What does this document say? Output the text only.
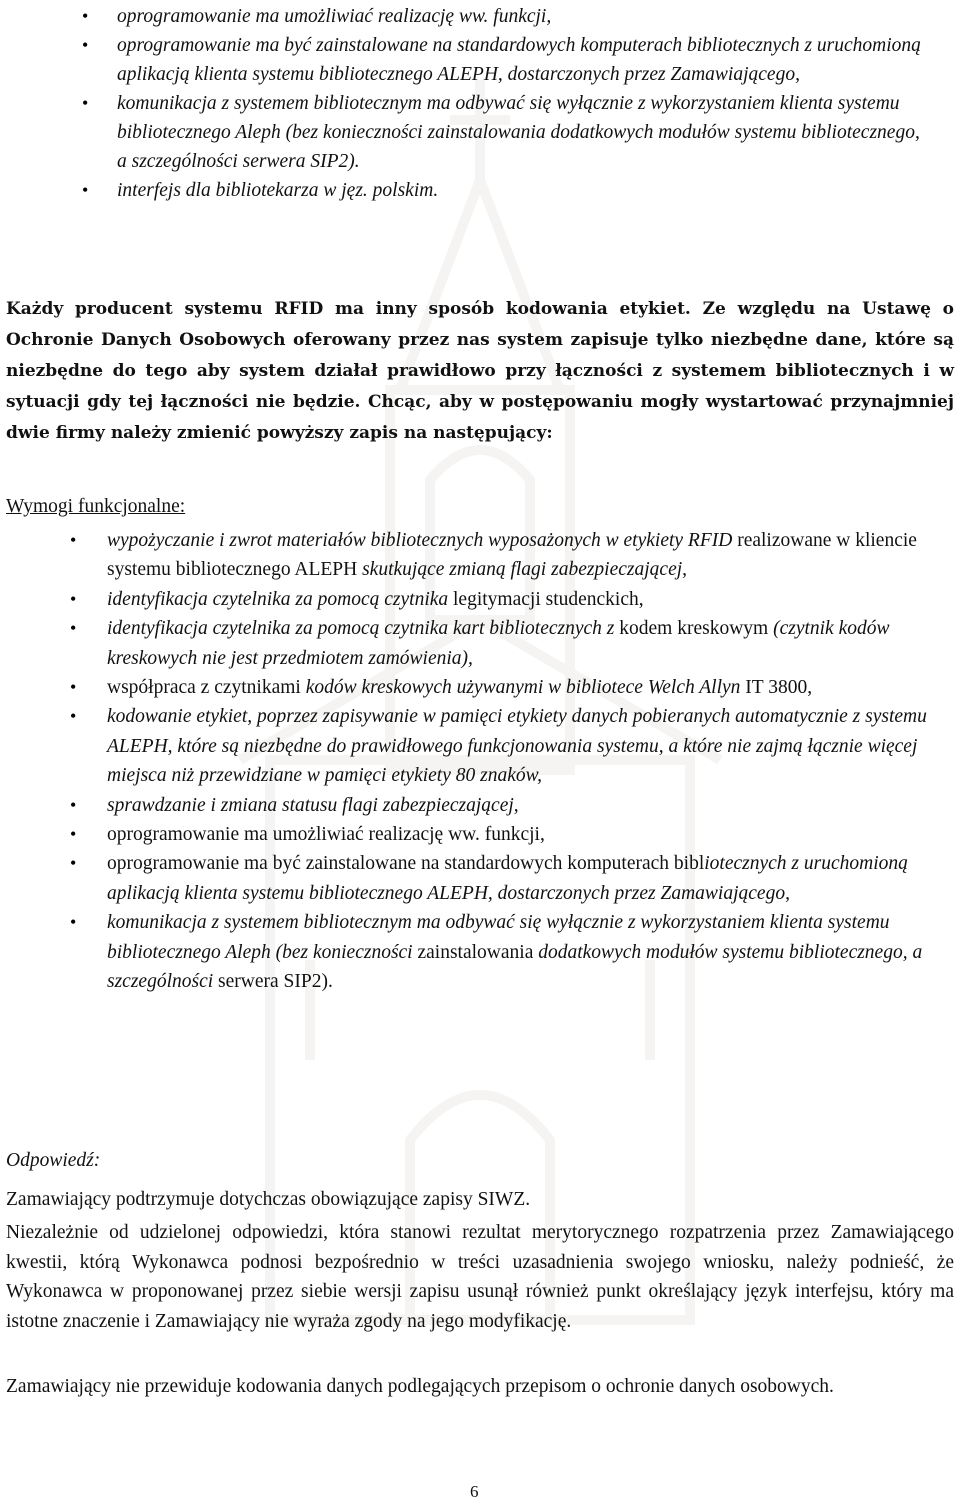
• oprogramowanie ma umożliwiać realizację ww. funkcji,
• oprogramowanie ma być zainstalowane na standardowych komputerach bibliotecznych z uruchomioną aplikacją klienta systemu bibliotecznego ALEPH, dostarczonych przez Zamawiającego,
• komunikacja z systemem bibliotecznym ma odbywać się wyłącznie z wykorzystaniem klienta systemu bibliotecznego Aleph (bez konieczności zainstalowania dodatkowych modułów systemu bibliotecznego, a szczególności serwera SIP2).
• interfejs dla bibliotekarza w jęz. polskim.

Każdy producent systemu RFID ma inny sposób kodowania etykiet. Ze względu na Ustawę o Ochronie Danych Osobowych oferowany przez nas system zapisuje tylko niezbędne dane, które są niezbędne do tego aby system działał prawidłowo przy łączności z systemem bibliotecznych i w sytuacji gdy tej łączności nie będzie. Chcąc, aby w postępowaniu mogły wystartować przynajmniej dwie firmy należy zmienić powyższy zapis na następujący:

Wymogi funkcjonalne:
• wypożyczanie i zwrot materiałów bibliotecznych wyposażonych w etykiety RFID realizowane w kliencie systemu bibliotecznego ALEPH skutkujące zmianą flagi zabezpieczającej,
• identyfikacja czytelnika za pomocą czytnika legitymacji studenckich,
• identyfikacja czytelnika za pomocą czytnika kart bibliotecznych z kodem kreskowym (czytnik kodów kreskowych nie jest przedmiotem zamówienia),
• współpraca z czytnikami kodów kreskowych używanymi w bibliotece Welch Allyn IT 3800,
• kodowanie etykiet, poprzez zapisywanie w pamięci etykiety danych pobieranych automatycznie z systemu ALEPH, które są niezbędne do prawidłowego funkcjonowania systemu, a które nie zajmą łącznie więcej miejsca niż przewidziane w pamięci etykiety 80 znaków,
• sprawdzanie i zmiana statusu flagi zabezpieczającej,
• oprogramowanie ma umożliwiać realizację ww. funkcji,
• oprogramowanie ma być zainstalowane na standardowych komputerach bibliotecznych z uruchomioną aplikacją klienta systemu bibliotecznego ALEPH, dostarczonych przez Zamawiającego,
• komunikacja z systemem bibliotecznym ma odbywać się wyłącznie z wykorzystaniem klienta systemu bibliotecznego Aleph (bez konieczności zainstalowania dodatkowych modułów systemu bibliotecznego, a szczególności serwera SIP2).
Odpowiedź:

Zamawiający podtrzymuje dotychczas obowiązujące zapisy SIWZ.

Niezależnie od udzielonej odpowiedzi, która stanowi rezultat merytorycznego rozpatrzenia przez Zamawiającego kwestii, którą Wykonawca podnosi bezpośrednio w treści uzasadnienia swojego wniosku, należy podnieść, że Wykonawca w proponowanej przez siebie wersji zapisu usunął również punkt określający język interfejsu, który ma istotne znaczenie i Zamawiający nie wyraża zgody na jego modyfikację.

Zamawiający nie przewiduje kodowania danych podlegających przepisom o ochronie danych osobowych.

6
